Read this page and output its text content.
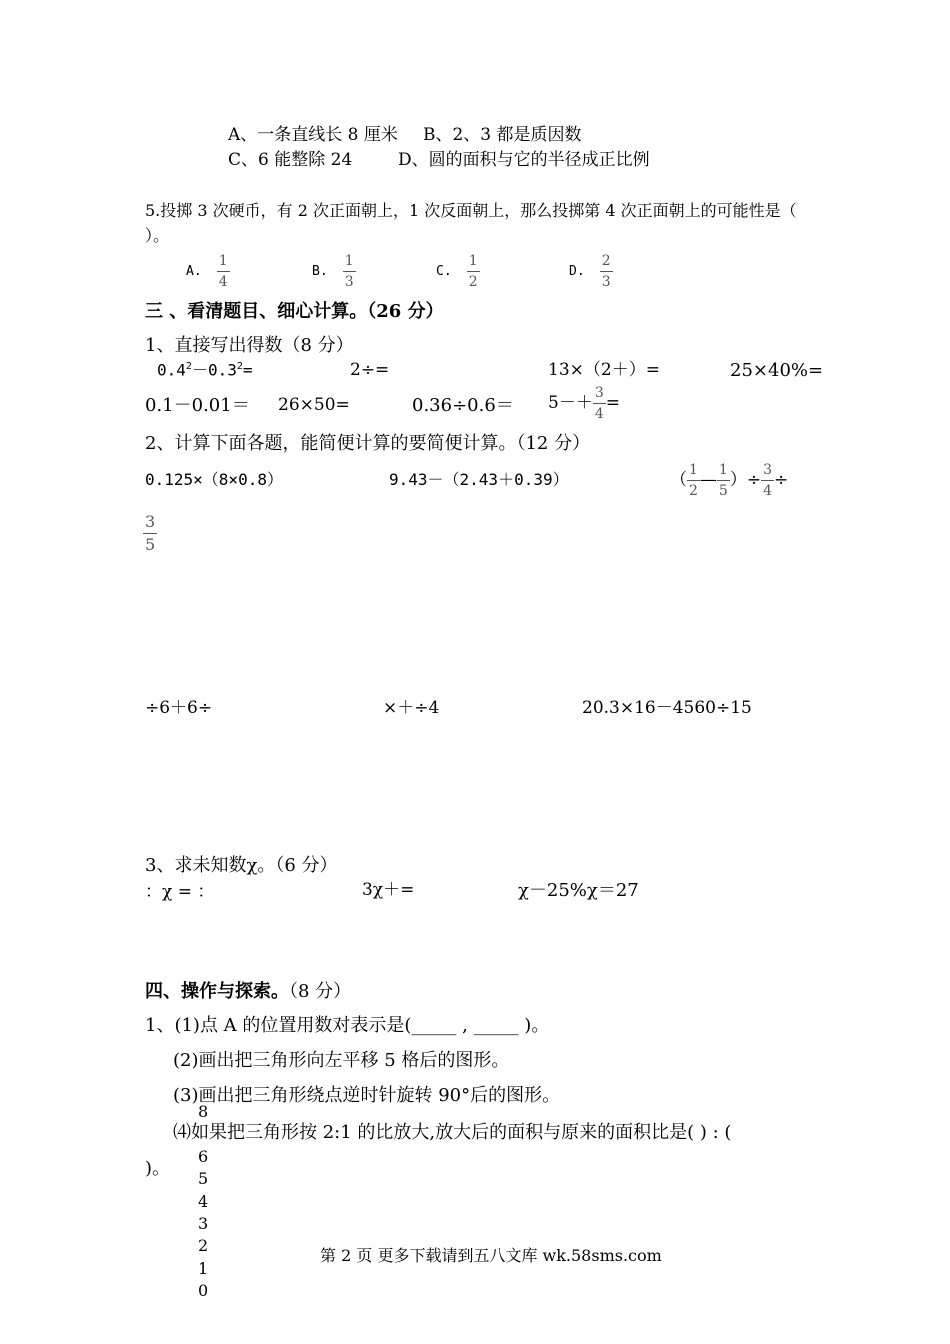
A、一条直线长 8 厘米 B、2、3 都是质因数
C、6 能整除 24	D、圆的面积与它的半径成正比例
5.投掷 3 次硬币，有 2 次正面朝上，1 次反面朝上，那么投掷第 4 次正面朝上的可能性是（
）。
A. $\frac{1}{4}$	B. $\frac{1}{3}$	C. $\frac{1}{2}$	D. $\frac{2}{3}$
三 、看清题目、细心计算。（26 分）
1、直接写出得数（8 分）
$0.4^2-0.3^2=$	2÷=	13×（2＋）=	25×40%=
0.1－0.01＝ 26×50=	$0.36\div 0.6= 5-+ \frac{3}{4}$ =
2、计算下面各题，能简便计算的要简便计算。（12 分）
0.125×（8×0.8）	9.43－（2.43＋0.39）	（ $\frac{1}{2}$ — $\frac{1}{5}$ ）÷ $\frac{3}{4}$ ÷
$\frac{3}{5}$
÷6＋6÷	×＋÷4	20.3×16－4560÷15
3、求未知数χ。（6 分）
：χ = ：	3χ＋=	χ－25%χ＝27
四、操作与探索。（8 分）
1、(1)点 A 的位置用数对表示是(_____ , _____ )。
(2)画出把三角形向左平移 5 格后的图形。
(3)画出把三角形绕点逆时针旋转 90°后的图形。
⑷如果把三角形按 2:1 的比放大,放大后的面积与原来的面积比是( ) : (
)。
8
6
5
4
3
2
1
0
第 2 页 更多下载请到五八文库 wk.58sms.com
